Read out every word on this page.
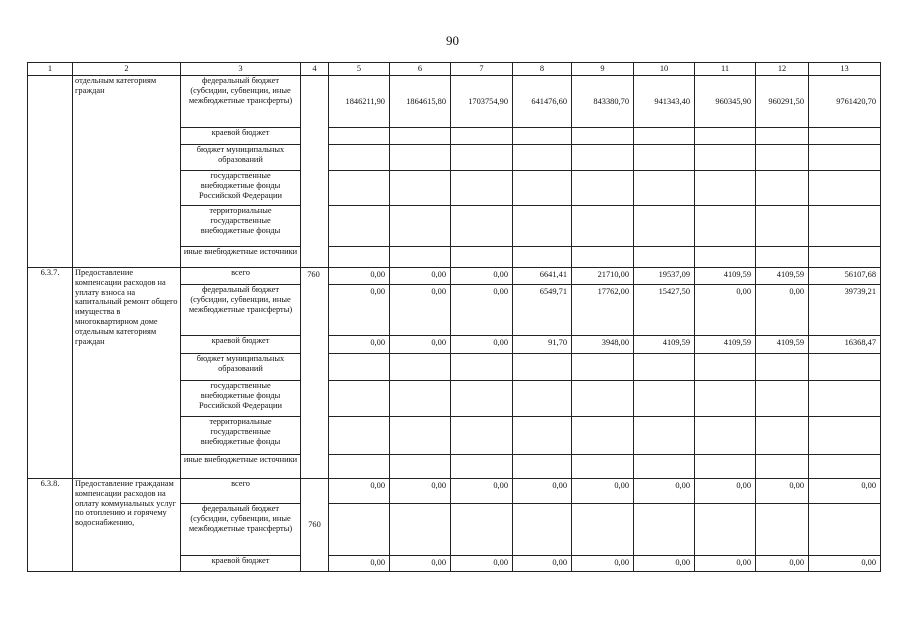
90
1	2	3	4	5	6	7	8	9	10	11	12	13
	отдельным категориям граждан	федеральный бюджет (субсидии, субвенции, иные межбюджетные трансферты)		1846211,90	1864615,80	1703754,90	641476,60	843380,70	941343,40	960345,90	960291,50	9761420,70
		краевой бюджет										
		бюджет муниципальных образований										
		государственные внебюджетные фонды Российской Федерации										
		территориальные государственные внебюджетные фонды										
		иные внебюджетные источники										
6.3.7.	Предоставление компенсации расходов на уплату взноса на капитальный ремонт общего имущества в многоквартирном доме отдельным категориям граждан	всего	760	0,00	0,00	0,00	6641,41	21710,00	19537,09	4109,59	4109,59	56107,68
		федеральный бюджет (субсидии, субвенции, иные межбюджетные трансферты)		0,00	0,00	0,00	6549,71	17762,00	15427,50	0,00	0,00	39739,21
		краевой бюджет		0,00	0,00	0,00	91,70	3948,00	4109,59	4109,59	4109,59	16368,47
		бюджет муниципальных образований										
		государственные внебюджетные фонды Российской Федерации										
		территориальные государственные внебюджетные фонды										
		иные внебюджетные источники										
6.3.8.	Предоставление гражданам компенсации расходов на оплату коммунальных услуг по отоплению и горячему водоснабжению,	всего	760	0,00	0,00	0,00	0,00	0,00	0,00	0,00	0,00	0,00
		федеральный бюджет (субсидии, субвенции, иные межбюджетные трансферты)										
		краевой бюджет		0,00	0,00	0,00	0,00	0,00	0,00	0,00	0,00	0,00
